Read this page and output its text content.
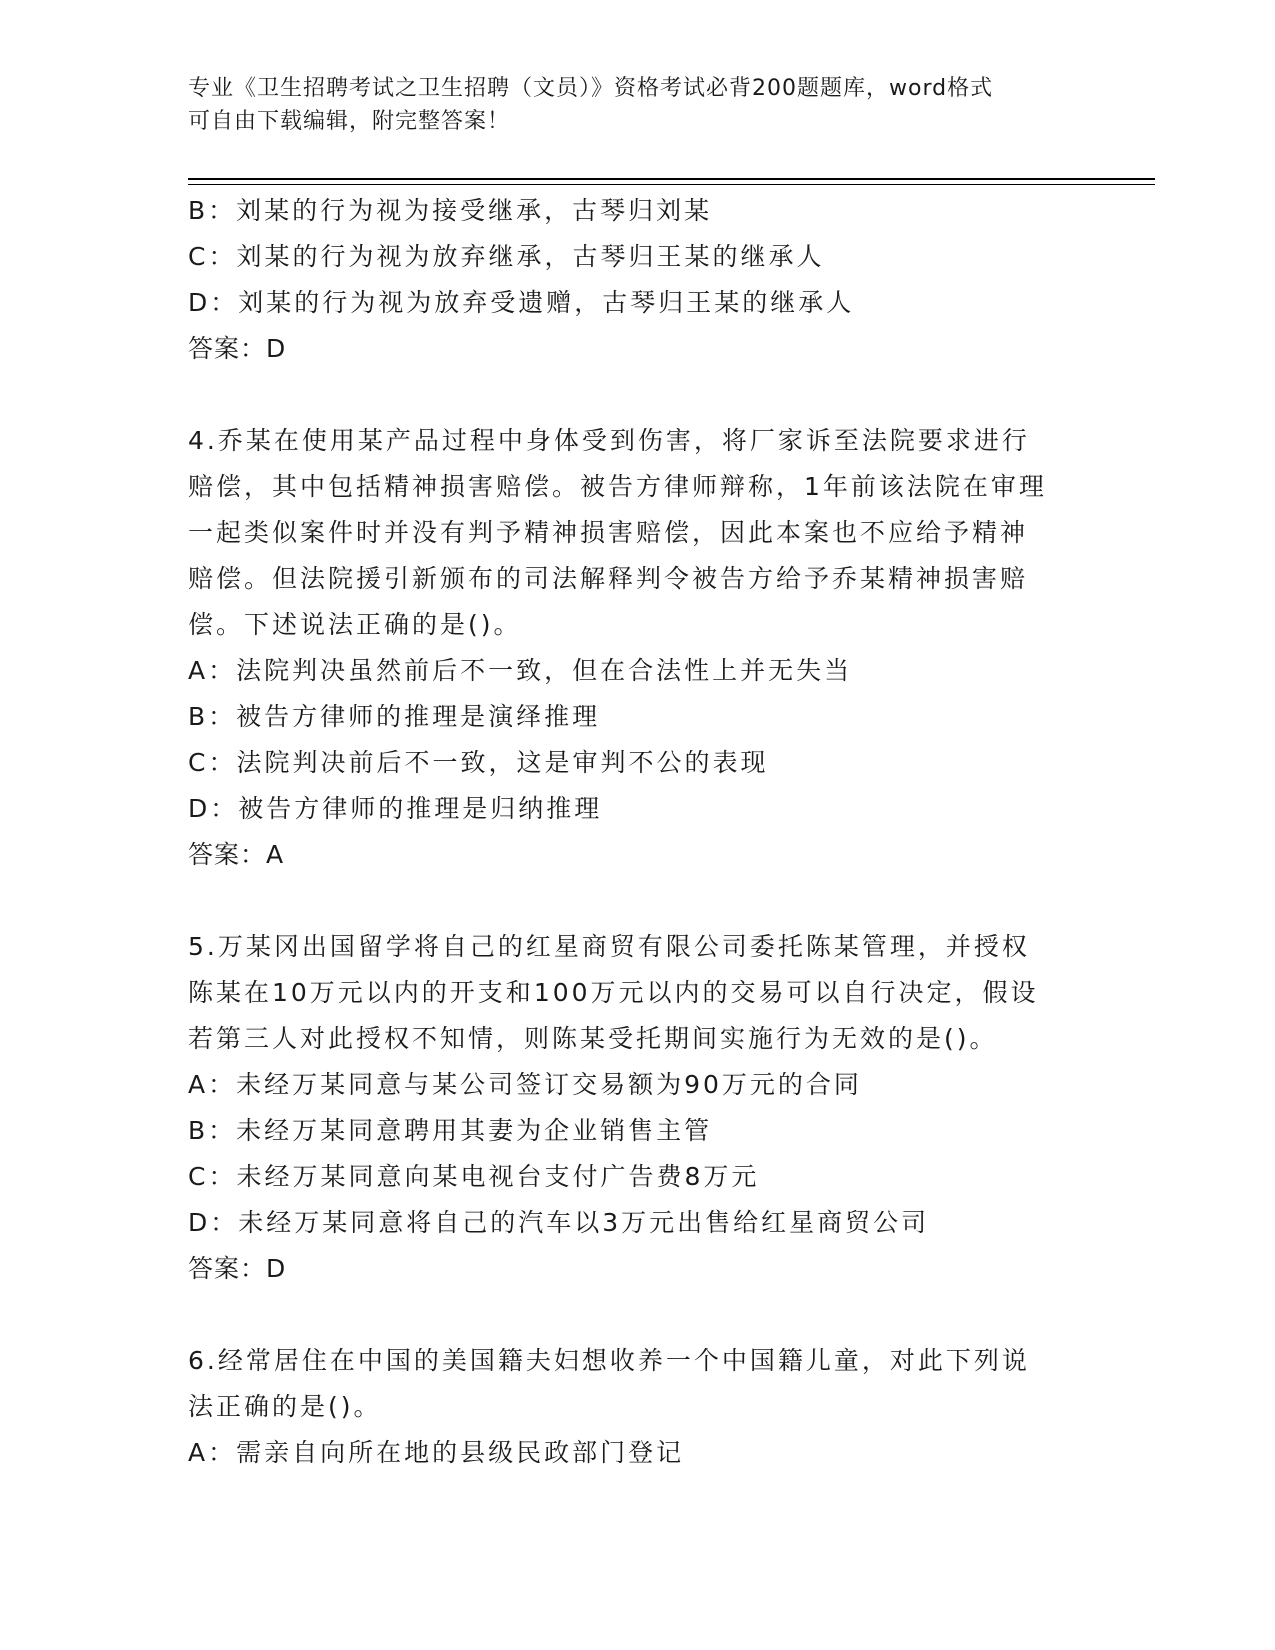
专业《卫生招聘考试之卫生招聘（文员）》资格考试必背200题题库，word格式
可自由下载编辑，附完整答案！

B：刘某的行为视为接受继承，古琴归刘某

C：刘某的行为视为放弃继承，古琴归王某的继承人

D：刘某的行为视为放弃受遗赠，古琴归王某的继承人

答案：D

4.乔某在使用某产品过程中身体受到伤害，将厂家诉至法院要求进行

赔偿，其中包括精神损害赔偿。被告方律师辩称，1年前该法院在审理

一起类似案件时并没有判予精神损害赔偿，因此本案也不应给予精神

赔偿。但法院援引新颁布的司法解释判令被告方给予乔某精神损害赔

偿。下述说法正确的是()。

A：法院判决虽然前后不一致，但在合法性上并无失当

B：被告方律师的推理是演绎推理

C：法院判决前后不一致，这是审判不公的表现

D：被告方律师的推理是归纳推理

答案：A

5.万某冈出国留学将自己的红星商贸有限公司委托陈某管理，并授权

陈某在10万元以内的开支和100万元以内的交易可以自行决定，假设

若第三人对此授权不知情，则陈某受托期间实施行为无效的是()。

A：未经万某同意与某公司签订交易额为90万元的合同

B：未经万某同意聘用其妻为企业销售主管

C：未经万某同意向某电视台支付广告费8万元

D：未经万某同意将自己的汽车以3万元出售给红星商贸公司

答案：D

6.经常居住在中国的美国籍夫妇想收养一个中国籍儿童，对此下列说

法正确的是()。

A：需亲自向所在地的县级民政部门登记
